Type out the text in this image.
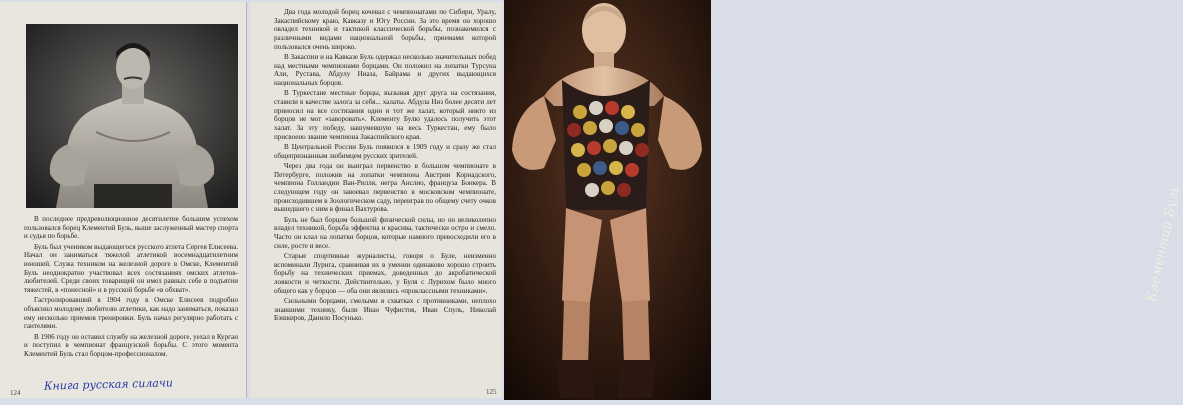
В последнее предреволюционное десятилетие большим успехом пользовался борец Клементий Буль, выше заслуженный мастер спорта и судья по борьбе.

Буль был учеником выдающегося русского атлета Сергея Елисеева. Начал он заниматься тяжелой атлетикой восемнадцатилетним юношей. Служа техником на железной дороге в Омске, Клементий Буль неоднократно участвовал всех состязаниях омских атлетов-любителей. Среди своих товарищей он имел равных себе в подъятии тяжестей, в «понесной» и в русской борьбе «в обхват».

Гастролировавший в 1904 году в Омске Елисеев подробно объяснил молодому любителю атлетики, как надо заниматься, показал ему несколько приемов тренировки. Буль начал регулярно работать с гантелями.

В 1906 году он оставил службу на железной дороге, уехал в Курган и поступил в чемпионат французской борьбы. С этого момента Клементий Буль стал борцом-профессионалом.

124
Книга русская силачи

Два года молодой борец кочевал с чемпионатами по Сибири, Уралу, Закаспийскому краю, Кавказу и Югу России. За это время он хорошо овладел техникой и тактикой классической борьбы, познакомился с различными видами национальной борьбы, приемами которой пользовался очень широко.

В Закаспии и на Кавказе Буль одержал несколько значительных побед над местными чемпионами борцами. Он положил на лопатки Турсуна Али, Рустава, Абдулу Ниаза, Байрама и других выдающихся национальных борцов.

В Туркестане местные борцы, вызывая друг друга на состязания, ставили в качестве залога за себя... халаты. Абдула Низ более десяти лет приносил на все состязания один и тот же халат, который никто из борцов не мог «заворовать». Клементу Булю удалось получить этот халат. За эту победу, нашумевшую на весь Туркестан, ему было присвоено звание чемпиона Закаспийского края.

В Центральной России Буль появился в 1909 году и сразу же стал общепризнанным любимцем русских зрителей.

Через два года он выиграл первенство в большом чемпионате в Петербурге, положив на лопатки чемпиона Австрии Корнадского, чемпиона Голландии Ван-Рилля, негра Анслио, француза Бонкера. В следующем году он завоевал первенство в московском чемпионате, происходившем в Зоологическом саду, переиграв по общему счету очков вышедшего с ним в финал Вахтурова.

Буль не был борцом большой физической силы, но он великолепно владел техникой, борьба эффектна и красива, тактически остро и смело. Часто он клал на лопатки борцов, которые намного превосходили его в силе, росте и весе.

Старые спортивные журналисты, говоря о Буле, неизменно вспоминали Лурига, сравнивая их в умении одинаково хорошо строить борьбу на технических приемах, доведенных до акробатической ловкости и четкости. Действительно, у Буля с Лурихом было много общего как у борцов — оба они являлись «проклассными техниками».

Сильными борцами, смелыми в схватках с противниками, неплохо знавшими технику, были Иван Чуфистов, Иван Спуль, Николай Бэшкиров, Данило Посунько.

125
Клементий Буль
